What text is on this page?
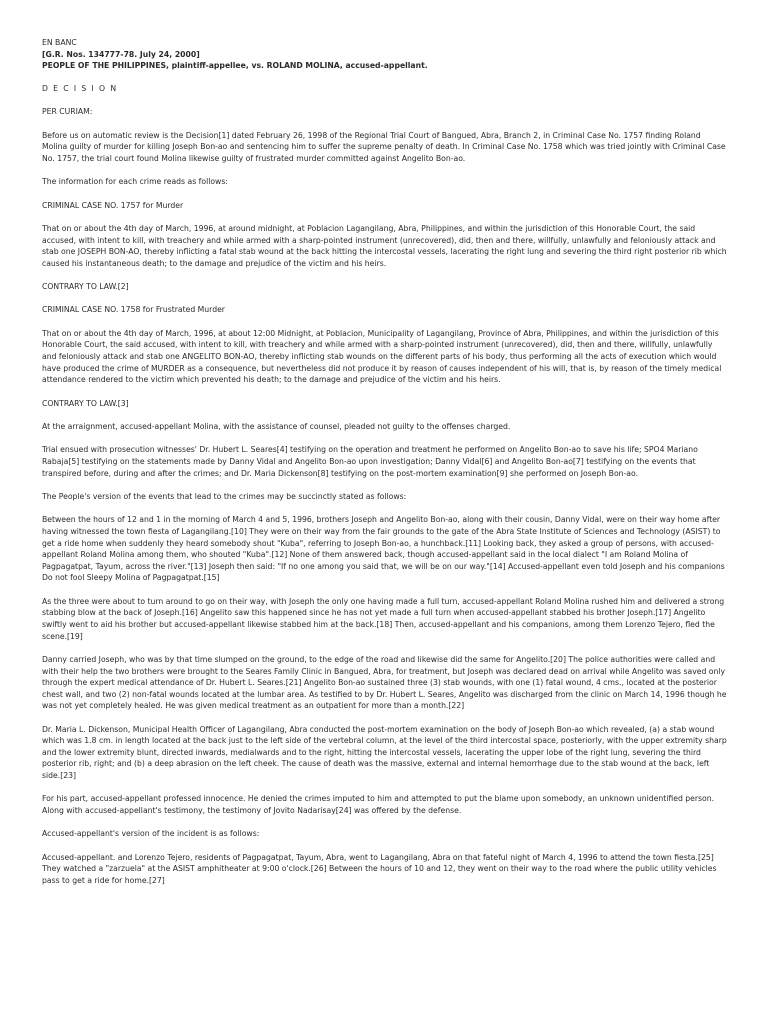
EN BANC
[G.R. Nos. 134777-78. July 24, 2000]
PEOPLE OF THE PHILIPPINES, plaintiff-appellee, vs. ROLAND MOLINA, accused-appellant.

D E C I S I O N

PER CURIAM:

Before us on automatic review is the Decision[1] dated February 26, 1998 of the Regional Trial Court of Bangued, Abra, Branch 2, in Criminal Case No. 1757 finding Roland Molina guilty of murder for killing Joseph Bon-ao and sentencing him to suffer the supreme penalty of death. In Criminal Case No. 1758 which was tried jointly with Criminal Case No. 1757, the trial court found Molina likewise guilty of frustrated murder committed against Angelito Bon-ao.

The information for each crime reads as follows:

CRIMINAL CASE NO. 1757 for Murder

That on or about the 4th day of March, 1996, at around midnight, at Poblacion Lagangilang, Abra, Philippines, and within the jurisdiction of this Honorable Court, the said accused, with intent to kill, with treachery and while armed with a sharp-pointed instrument (unrecovered), did, then and there, willfully, unlawfully and feloniously attack and stab one JOSEPH BON-AO, thereby inflicting a fatal stab wound at the back hitting the intercostal vessels, lacerating the right lung and severing the third right posterior rib which caused his instantaneous death; to the damage and prejudice of the victim and his heirs.

CONTRARY TO LAW.[2]

CRIMINAL CASE NO. 1758 for Frustrated Murder

That on or about the 4th day of March, 1996, at about 12:00 Midnight, at Poblacion, Municipality of Lagangilang, Province of Abra, Philippines, and within the jurisdiction of this Honorable Court, the said accused, with intent to kill, with treachery and while armed with a sharp-pointed instrument (unrecovered), did, then and there, willfully, unlawfully and feloniously attack and stab one ANGELITO BON-AO, thereby inflicting stab wounds on the different parts of his body, thus performing all the acts of execution which would have produced the crime of MURDER as a consequence, but nevertheless did not produce it by reason of causes independent of his will, that is, by reason of the timely medical attendance rendered to the victim which prevented his death; to the damage and prejudice of the victim and his heirs.

CONTRARY TO LAW.[3]

At the arraignment, accused-appellant Molina, with the assistance of counsel, pleaded not guilty to the offenses charged.

Trial ensued with prosecution witnesses' Dr. Hubert L. Seares[4] testifying on the operation and treatment he performed on Angelito Bon-ao to save his life; SPO4 Mariano Rabaja[5] testifying on the statements made by Danny Vidal and Angelito Bon-ao upon investigation; Danny Vidal[6] and Angelito Bon-ao[7] testifying on the events that transpired before, during and after the crimes; and Dr. Maria Dickenson[8] testifying on the post-mortem examination[9] she performed on Joseph Bon-ao.

The People's version of the events that lead to the crimes may be succinctly stated as follows:

Between the hours of 12 and 1 in the morning of March 4 and 5, 1996, brothers Joseph and Angelito Bon-ao, along with their cousin, Danny Vidal, were on their way home after having witnessed the town fiesta of Lagangilang.[10] They were on their way from the fair grounds to the gate of the Abra State Institute of Sciences and Technology (ASIST) to get a ride home when suddenly they heard somebody shout "Kuba", referring to Joseph Bon-ao, a hunchback.[11] Looking back, they asked a group of persons, with accused-appellant Roland Molina among them, who shouted "Kuba".[12] None of them answered back, though accused-appellant said in the local dialect "I am Roland Molina of Pagpagatpat, Tayum, across the river."[13] Joseph then said: "If no one among you said that, we will be on our way."[14] Accused-appellant even told Joseph and his companions Do not fool Sleepy Molina of Pagpagatpat.[15]

As the three were about to turn around to go on their way, with Joseph the only one having made a full turn, accused-appellant Roland Molina rushed him and delivered a strong stabbing blow at the back of Joseph.[16] Angelito saw this happened since he has not yet made a full turn when accused-appellant stabbed his brother Joseph.[17] Angelito swiftly went to aid his brother but accused-appellant likewise stabbed him at the back.[18] Then, accused-appellant and his companions, among them Lorenzo Tejero, fled the scene.[19]

Danny carried Joseph, who was by that time slumped on the ground, to the edge of the road and likewise did the same for Angelito.[20] The police authorities were called and with their help the two brothers were brought to the Seares Family Clinic in Bangued, Abra, for treatment, but Joseph was declared dead on arrival while Angelito was saved only through the expert medical attendance of Dr. Hubert L. Seares.[21] Angelito Bon-ao sustained three (3) stab wounds, with one (1) fatal wound, 4 cms., located at the posterior chest wall, and two (2) non-fatal wounds located at the lumbar area. As testified to by Dr. Hubert L. Seares, Angelito was discharged from the clinic on March 14, 1996 though he was not yet completely healed. He was given medical treatment as an outpatient for more than a month.[22]

Dr. Maria L. Dickenson, Municipal Health Officer of Lagangilang, Abra conducted the post-mortem examination on the body of Joseph Bon-ao which revealed, (a) a stab wound which was 1.8 cm. in length located at the back just to the left side of the vertebral column, at the level of the third intercostal space, posteriorly, with the upper extremity sharp and the lower extremity blunt, directed inwards, medialwards and to the right, hitting the intercostal vessels, lacerating the upper lobe of the right lung, severing the third posterior rib, right; and (b) a deep abrasion on the left cheek. The cause of death was the massive, external and internal hemorrhage due to the stab wound at the back, left side.[23]

For his part, accused-appellant professed innocence. He denied the crimes imputed to him and attempted to put the blame upon somebody, an unknown unidentified person. Along with accused-appellant's testimony, the testimony of Jovito Nadarisay[24] was offered by the defense.

Accused-appellant's version of the incident is as follows:

Accused-appellant. and Lorenzo Tejero, residents of Pagpagatpat, Tayum, Abra, went to Lagangilang, Abra on that fateful night of March 4, 1996 to attend the town fiesta.[25] They watched a "zarzuela" at the ASIST amphitheater at 9:00 o'clock.[26] Between the hours of 10 and 12, they went on their way to the road where the public utility vehicles pass to get a ride for home.[27]
